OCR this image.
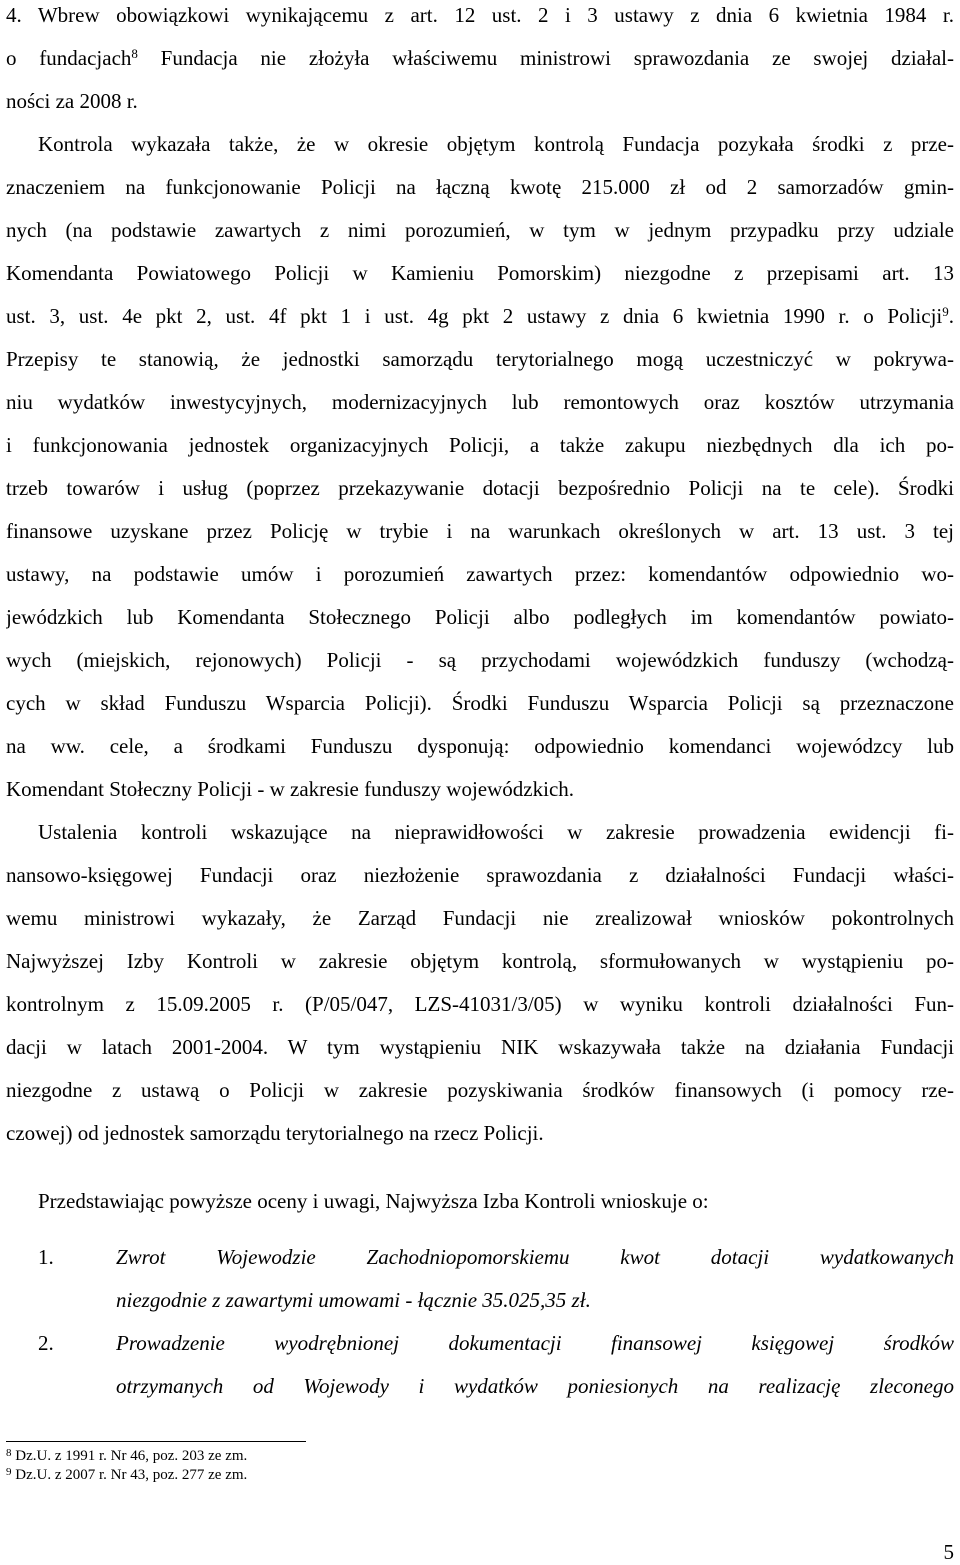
4. Wbrew obowiązkowi wynikającemu z art. 12 ust. 2 i 3 ustawy z dnia 6 kwietnia 1984 r.
o fundacjach$^8$ Fundacja nie złożyła właściwemu ministrowi sprawozdania ze swojej działal-
ności za 2008 r.
Kontrola wykazała także, że w okresie objętym kontrolą Fundacja pozykała środki z prze-
znaczeniem na funkcjonowanie Policji na łączną kwotę 215.000 zł od 2 samorzadów gmin-
nych (na podstawie zawartych z nimi porozumień, w tym w jednym przypadku przy udziale
Komendanta Powiatowego Policji w Kamieniu Pomorskim) niezgodne z przepisami art. 13
ust. 3, ust. 4e pkt 2, ust. 4f pkt 1 i ust. 4g pkt 2 ustawy z dnia 6 kwietnia 1990 r. o Policji$^9$.
Przepisy te stanowią, że jednostki samorządu terytorialnego mogą uczestniczyć w pokrywa-
niu wydatków inwestycyjnych, modernizacyjnych lub remontowych oraz kosztów utrzymania
i funkcjonowania jednostek organizacyjnych Policji, a także zakupu niezbędnych dla ich po-
trzeb towarów i usług (poprzez przekazywanie dotacji bezpośrednio Policji na te cele). Środki
finansowe uzyskane przez Policję w trybie i na warunkach określonych w art. 13 ust. 3 tej
ustawy, na podstawie umów i porozumień zawartych przez: komendantów odpowiednio wo-
jewódzkich lub Komendanta Stołecznego Policji albo podległych im komendantów powiato-
wych (miejskich, rejonowych) Policji - są przychodami wojewódzkich funduszy (wchodzą-
cych w skład Funduszu Wsparcia Policji). Środki Funduszu Wsparcia Policji są przeznaczone
na ww. cele, a środkami Funduszu dysponują: odpowiednio komendanci wojewódzcy lub
Komendant Stołeczny Policji - w zakresie funduszy wojewódzkich.
Ustalenia kontroli wskazujące na nieprawidłowości w zakresie prowadzenia ewidencji fi-
nansowo-księgowej Fundacji oraz niezłożenie sprawozdania z działalności Fundacji właści-
wemu ministrowi wykazały, że Zarząd Fundacji nie zrealizował wniosków pokontrolnych
Najwyższej Izby Kontroli w zakresie objętym kontrolą, sformułowanych w wystąpieniu po-
kontrolnym z 15.09.2005 r. (P/05/047, LZS-41031/3/05) w wyniku kontroli działalności Fun-
dacji w latach 2001-2004. W tym wystąpieniu NIK wskazywała także na działania Fundacji
niezgodne z ustawą o Policji w zakresie pozyskiwania środków finansowych (i pomocy rze-
czowej) od jednostek samorządu terytorialnego na rzecz Policji.
Przedstawiając powyższe oceny i uwagi, Najwyższa Izba Kontroli wnioskuje o:
1.	Zwrot Wojewodzie Zachodniopomorskiemu kwot dotacji wydatkowanych
niezgodnie z zawartymi umowami - łącznie 35.025,35 zł.
2.	Prowadzenie wyodrębnionej dokumentacji finansowej księgowej środków
otrzymanych od Wojewody i wydatków poniesionych na realizację zleconego
$^8$ Dz.U. z 1991 r. Nr 46, poz. 203 ze zm.
$^9$ Dz.U. z 2007 r. Nr 43, poz. 277 ze zm.
5
